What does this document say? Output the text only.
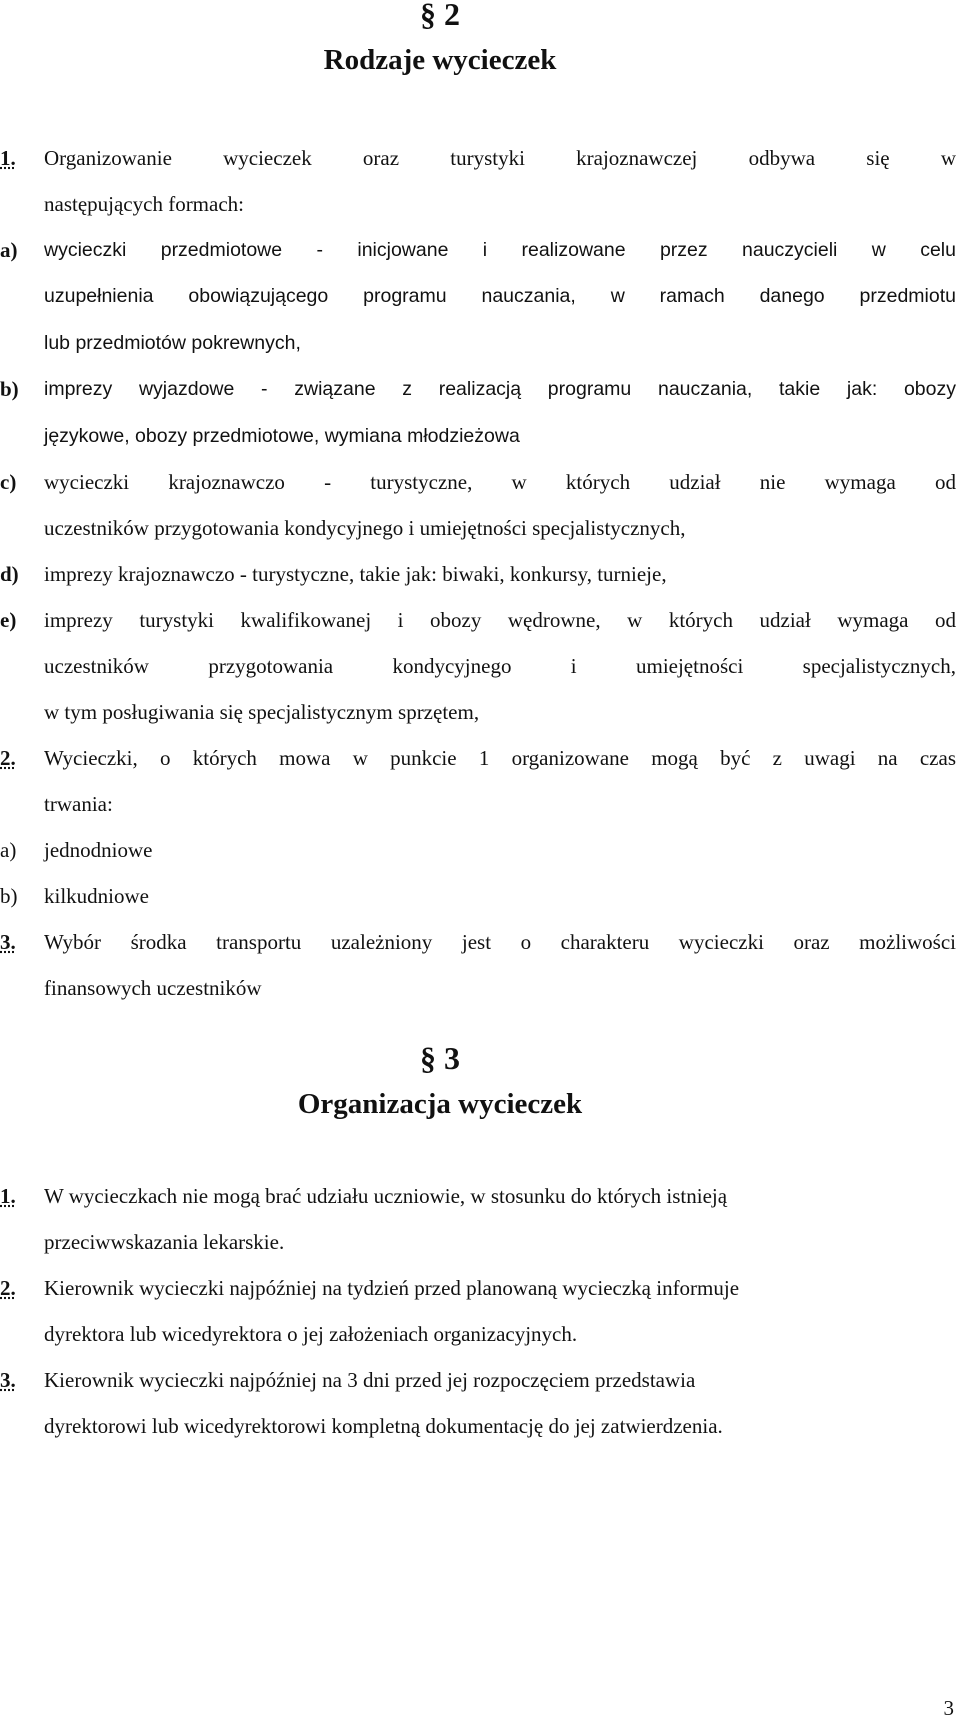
§ 2
Rodzaje wycieczek
1.	Organizowanie wycieczek oraz turystyki krajoznawczej odbywa się w
następujących formach:
a)	wycieczki przedmiotowe - inicjowane i realizowane przez nauczycieli w celu
uzupełnienia obowiązującego programu nauczania, w ramach danego przedmiotu
lub przedmiotów pokrewnych,
b)	imprezy wyjazdowe - związane z realizacją programu nauczania, takie jak: obozy
językowe, obozy przedmiotowe, wymiana młodzieżowa
c)	wycieczki krajoznawczo - turystyczne, w których udział nie wymaga od
uczestników przygotowania kondycyjnego i umiejętności specjalistycznych,
d)	imprezy krajoznawczo - turystyczne, takie jak: biwaki, konkursy, turnieje,
e)	imprezy turystyki kwalifikowanej i obozy wędrowne, w których udział wymaga od
uczestników przygotowania kondycyjnego i umiejętności specjalistycznych,
w tym posługiwania się specjalistycznym sprzętem,
2.	Wycieczki, o których mowa w punkcie 1 organizowane mogą być z uwagi na czas
trwania:
a)	jednodniowe
b)	kilkudniowe
3.	Wybór środka transportu uzależniony jest o charakteru wycieczki oraz możliwości
finansowych uczestników
§ 3
Organizacja wycieczek
1.	W wycieczkach nie mogą brać udziału uczniowie, w stosunku do których istnieją
przeciwwskazania lekarskie.
2.	Kierownik wycieczki najpóźniej na tydzień przed planowaną wycieczką informuje
dyrektora lub wicedyrektora o jej założeniach organizacyjnych.
3.	Kierownik wycieczki najpóźniej na 3 dni przed jej rozpoczęciem przedstawia
dyrektorowi lub wicedyrektorowi kompletną dokumentację do jej zatwierdzenia.
3
